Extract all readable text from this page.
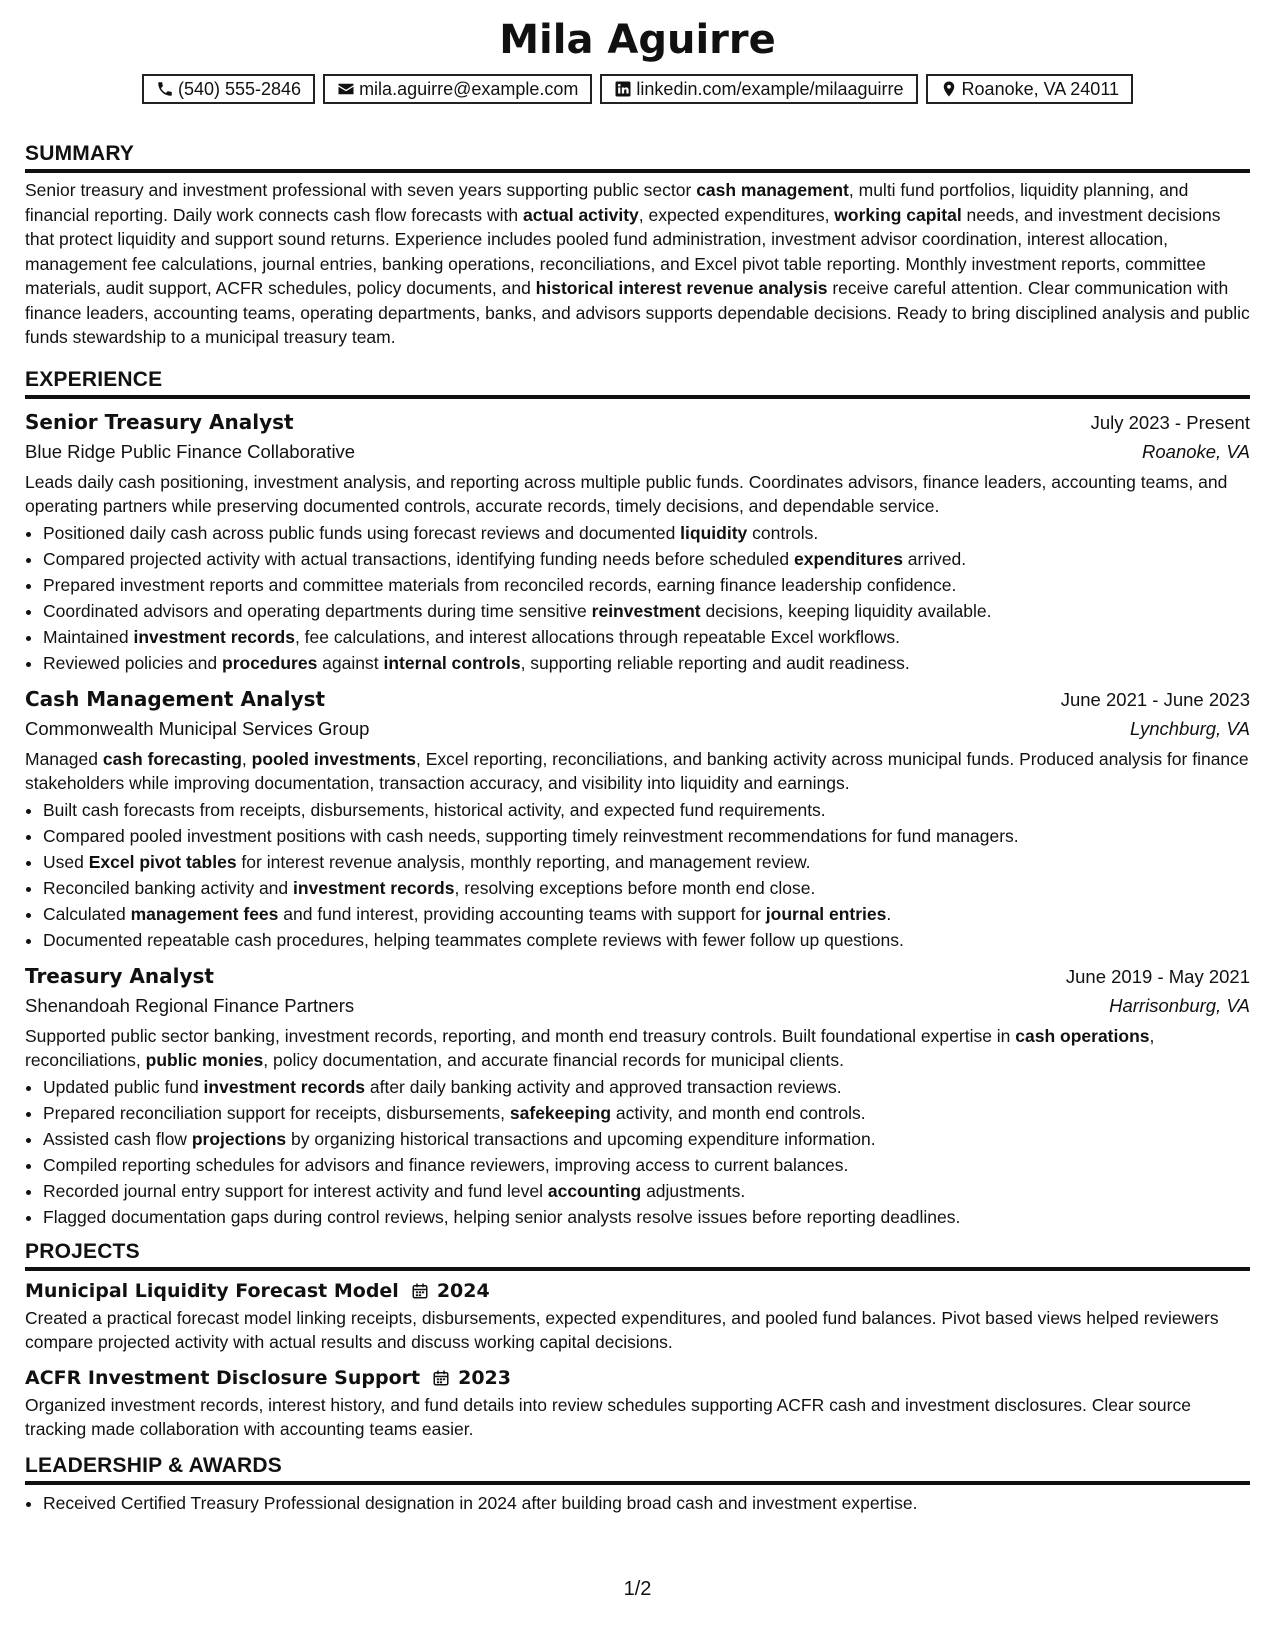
Mila Aguirre
(540) 555-2846	mila.aguirre@example.com	linkedin.com/example/milaaguirre	Roanoke, VA 24011
SUMMARY

Senior treasury and investment professional with seven years supporting public sector cash management, multi fund portfolios, liquidity planning, and financial reporting. Daily work connects cash flow forecasts with actual activity, expected expenditures, working capital needs, and investment decisions that protect liquidity and support sound returns. Experience includes pooled fund administration, investment advisor coordination, interest allocation, management fee calculations, journal entries, banking operations, reconciliations, and Excel pivot table reporting. Monthly investment reports, committee materials, audit support, ACFR schedules, policy documents, and historical interest revenue analysis receive careful attention. Clear communication with finance leaders, accounting teams, operating departments, banks, and advisors supports dependable decisions. Ready to bring disciplined analysis and public funds stewardship to a municipal treasury team.

EXPERIENCE
Senior Treasury Analyst	July 2023 - Present
Blue Ridge Public Finance Collaborative	Roanoke, VA

Leads daily cash positioning, investment analysis, and reporting across multiple public funds. Coordinates advisors, finance leaders, accounting teams, and operating partners while preserving documented controls, accurate records, timely decisions, and dependable service.

• Positioned daily cash across public funds using forecast reviews and documented liquidity controls.
• Compared projected activity with actual transactions, identifying funding needs before scheduled expenditures arrived.
• Prepared investment reports and committee materials from reconciled records, earning finance leadership confidence.
• Coordinated advisors and operating departments during time sensitive reinvestment decisions, keeping liquidity available.
• Maintained investment records, fee calculations, and interest allocations through repeatable Excel workflows.
• Reviewed policies and procedures against internal controls, supporting reliable reporting and audit readiness.
Cash Management Analyst	June 2021 - June 2023
Commonwealth Municipal Services Group	Lynchburg, VA

Managed cash forecasting, pooled investments, Excel reporting, reconciliations, and banking activity across municipal funds. Produced analysis for finance stakeholders while improving documentation, transaction accuracy, and visibility into liquidity and earnings.

• Built cash forecasts from receipts, disbursements, historical activity, and expected fund requirements.
• Compared pooled investment positions with cash needs, supporting timely reinvestment recommendations for fund managers.
• Used Excel pivot tables for interest revenue analysis, monthly reporting, and management review.
• Reconciled banking activity and investment records, resolving exceptions before month end close.
• Calculated management fees and fund interest, providing accounting teams with support for journal entries.
• Documented repeatable cash procedures, helping teammates complete reviews with fewer follow up questions.
Treasury Analyst	June 2019 - May 2021
Shenandoah Regional Finance Partners	Harrisonburg, VA

Supported public sector banking, investment records, reporting, and month end treasury controls. Built foundational expertise in cash operations, reconciliations, public monies, policy documentation, and accurate financial records for municipal clients.

• Updated public fund investment records after daily banking activity and approved transaction reviews.
• Prepared reconciliation support for receipts, disbursements, safekeeping activity, and month end controls.
• Assisted cash flow projections by organizing historical transactions and upcoming expenditure information.
• Compiled reporting schedules for advisors and finance reviewers, improving access to current balances.
• Recorded journal entry support for interest activity and fund level accounting adjustments.
• Flagged documentation gaps during control reviews, helping senior analysts resolve issues before reporting deadlines.
PROJECTS
Municipal Liquidity Forecast Model 2024

Created a practical forecast model linking receipts, disbursements, expected expenditures, and pooled fund balances. Pivot based views helped reviewers compare projected activity with actual results and discuss working capital decisions.

ACFR Investment Disclosure Support 2023

Organized investment records, interest history, and fund details into review schedules supporting ACFR cash and investment disclosures. Clear source tracking made collaboration with accounting teams easier.

LEADERSHIP & AWARDS
• Received Certified Treasury Professional designation in 2024 after building broad cash and investment expertise.
1/2
